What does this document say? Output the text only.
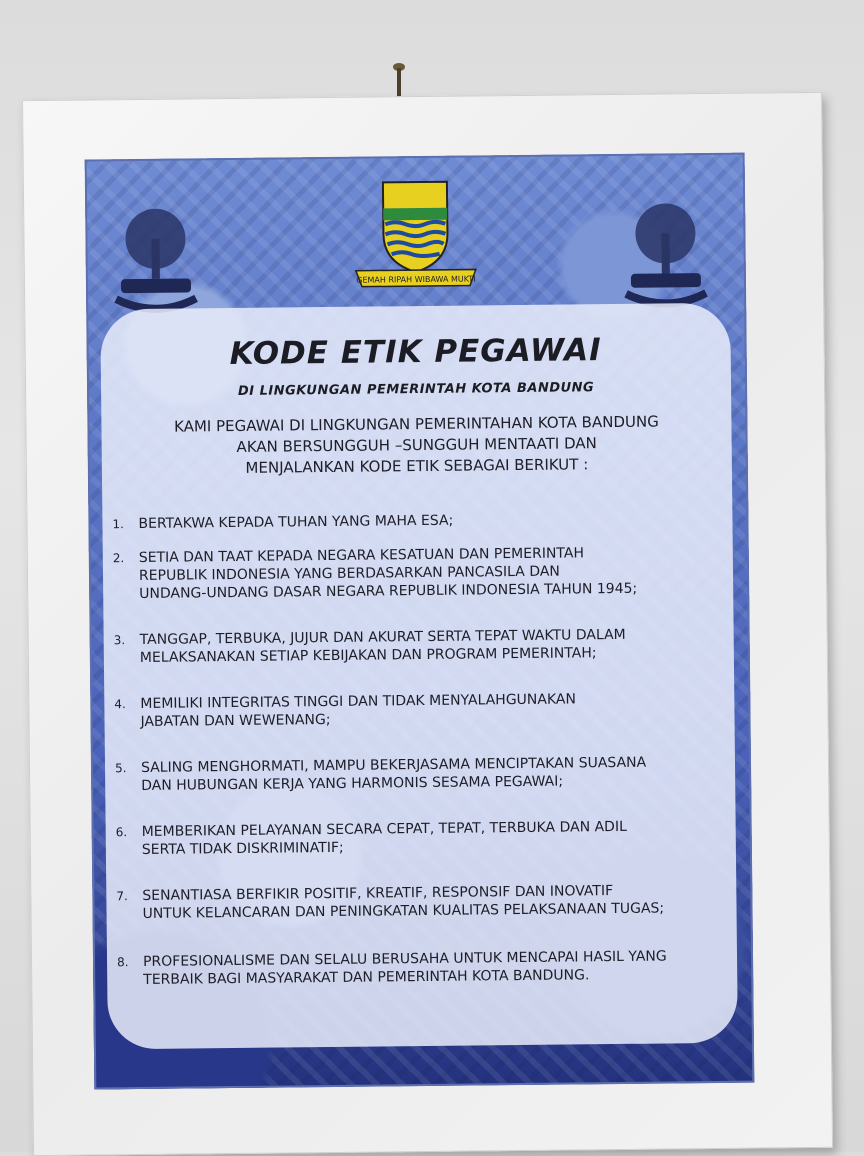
GEMAH RIPAH WIBAWA MUKTI
KODE ETIK PEGAWAI
DI LINGKUNGAN PEMERINTAH KOTA BANDUNG
KAMI PEGAWAI DI LINGKUNGAN PEMERINTAHAN KOTA BANDUNG
AKAN BERSUNGGUH –SUNGGUH MENTAATI DAN
MENJALANKAN KODE ETIK SEBAGAI BERIKUT :
1.	BERTAKWA KEPADA TUHAN YANG MAHA ESA;
2.	SETIA DAN TAAT KEPADA NEGARA KESATUAN DAN PEMERINTAH
REPUBLIK INDONESIA YANG BERDASARKAN PANCASILA DAN
UNDANG-UNDANG DASAR NEGARA REPUBLIK INDONESIA TAHUN 1945;
3.	TANGGAP, TERBUKA, JUJUR DAN AKURAT SERTA TEPAT WAKTU DALAM
MELAKSANAKAN SETIAP KEBIJAKAN DAN PROGRAM PEMERINTAH;
4.	MEMILIKI INTEGRITAS TINGGI DAN TIDAK MENYALAHGUNAKAN
JABATAN DAN WEWENANG;
5.	SALING MENGHORMATI, MAMPU BEKERJASAMA MENCIPTAKAN SUASANA
DAN HUBUNGAN KERJA YANG HARMONIS SESAMA PEGAWAI;
6.	MEMBERIKAN PELAYANAN SECARA CEPAT, TEPAT, TERBUKA DAN ADIL
SERTA TIDAK DISKRIMINATIF;
7.	SENANTIASA BERFIKIR POSITIF, KREATIF, RESPONSIF DAN INOVATIF
UNTUK KELANCARAN DAN PENINGKATAN KUALITAS PELAKSANAAN TUGAS;
8.	PROFESIONALISME DAN SELALU BERUSAHA UNTUK MENCAPAI HASIL YANG
TERBAIK BAGI MASYARAKAT DAN PEMERINTAH KOTA BANDUNG.
